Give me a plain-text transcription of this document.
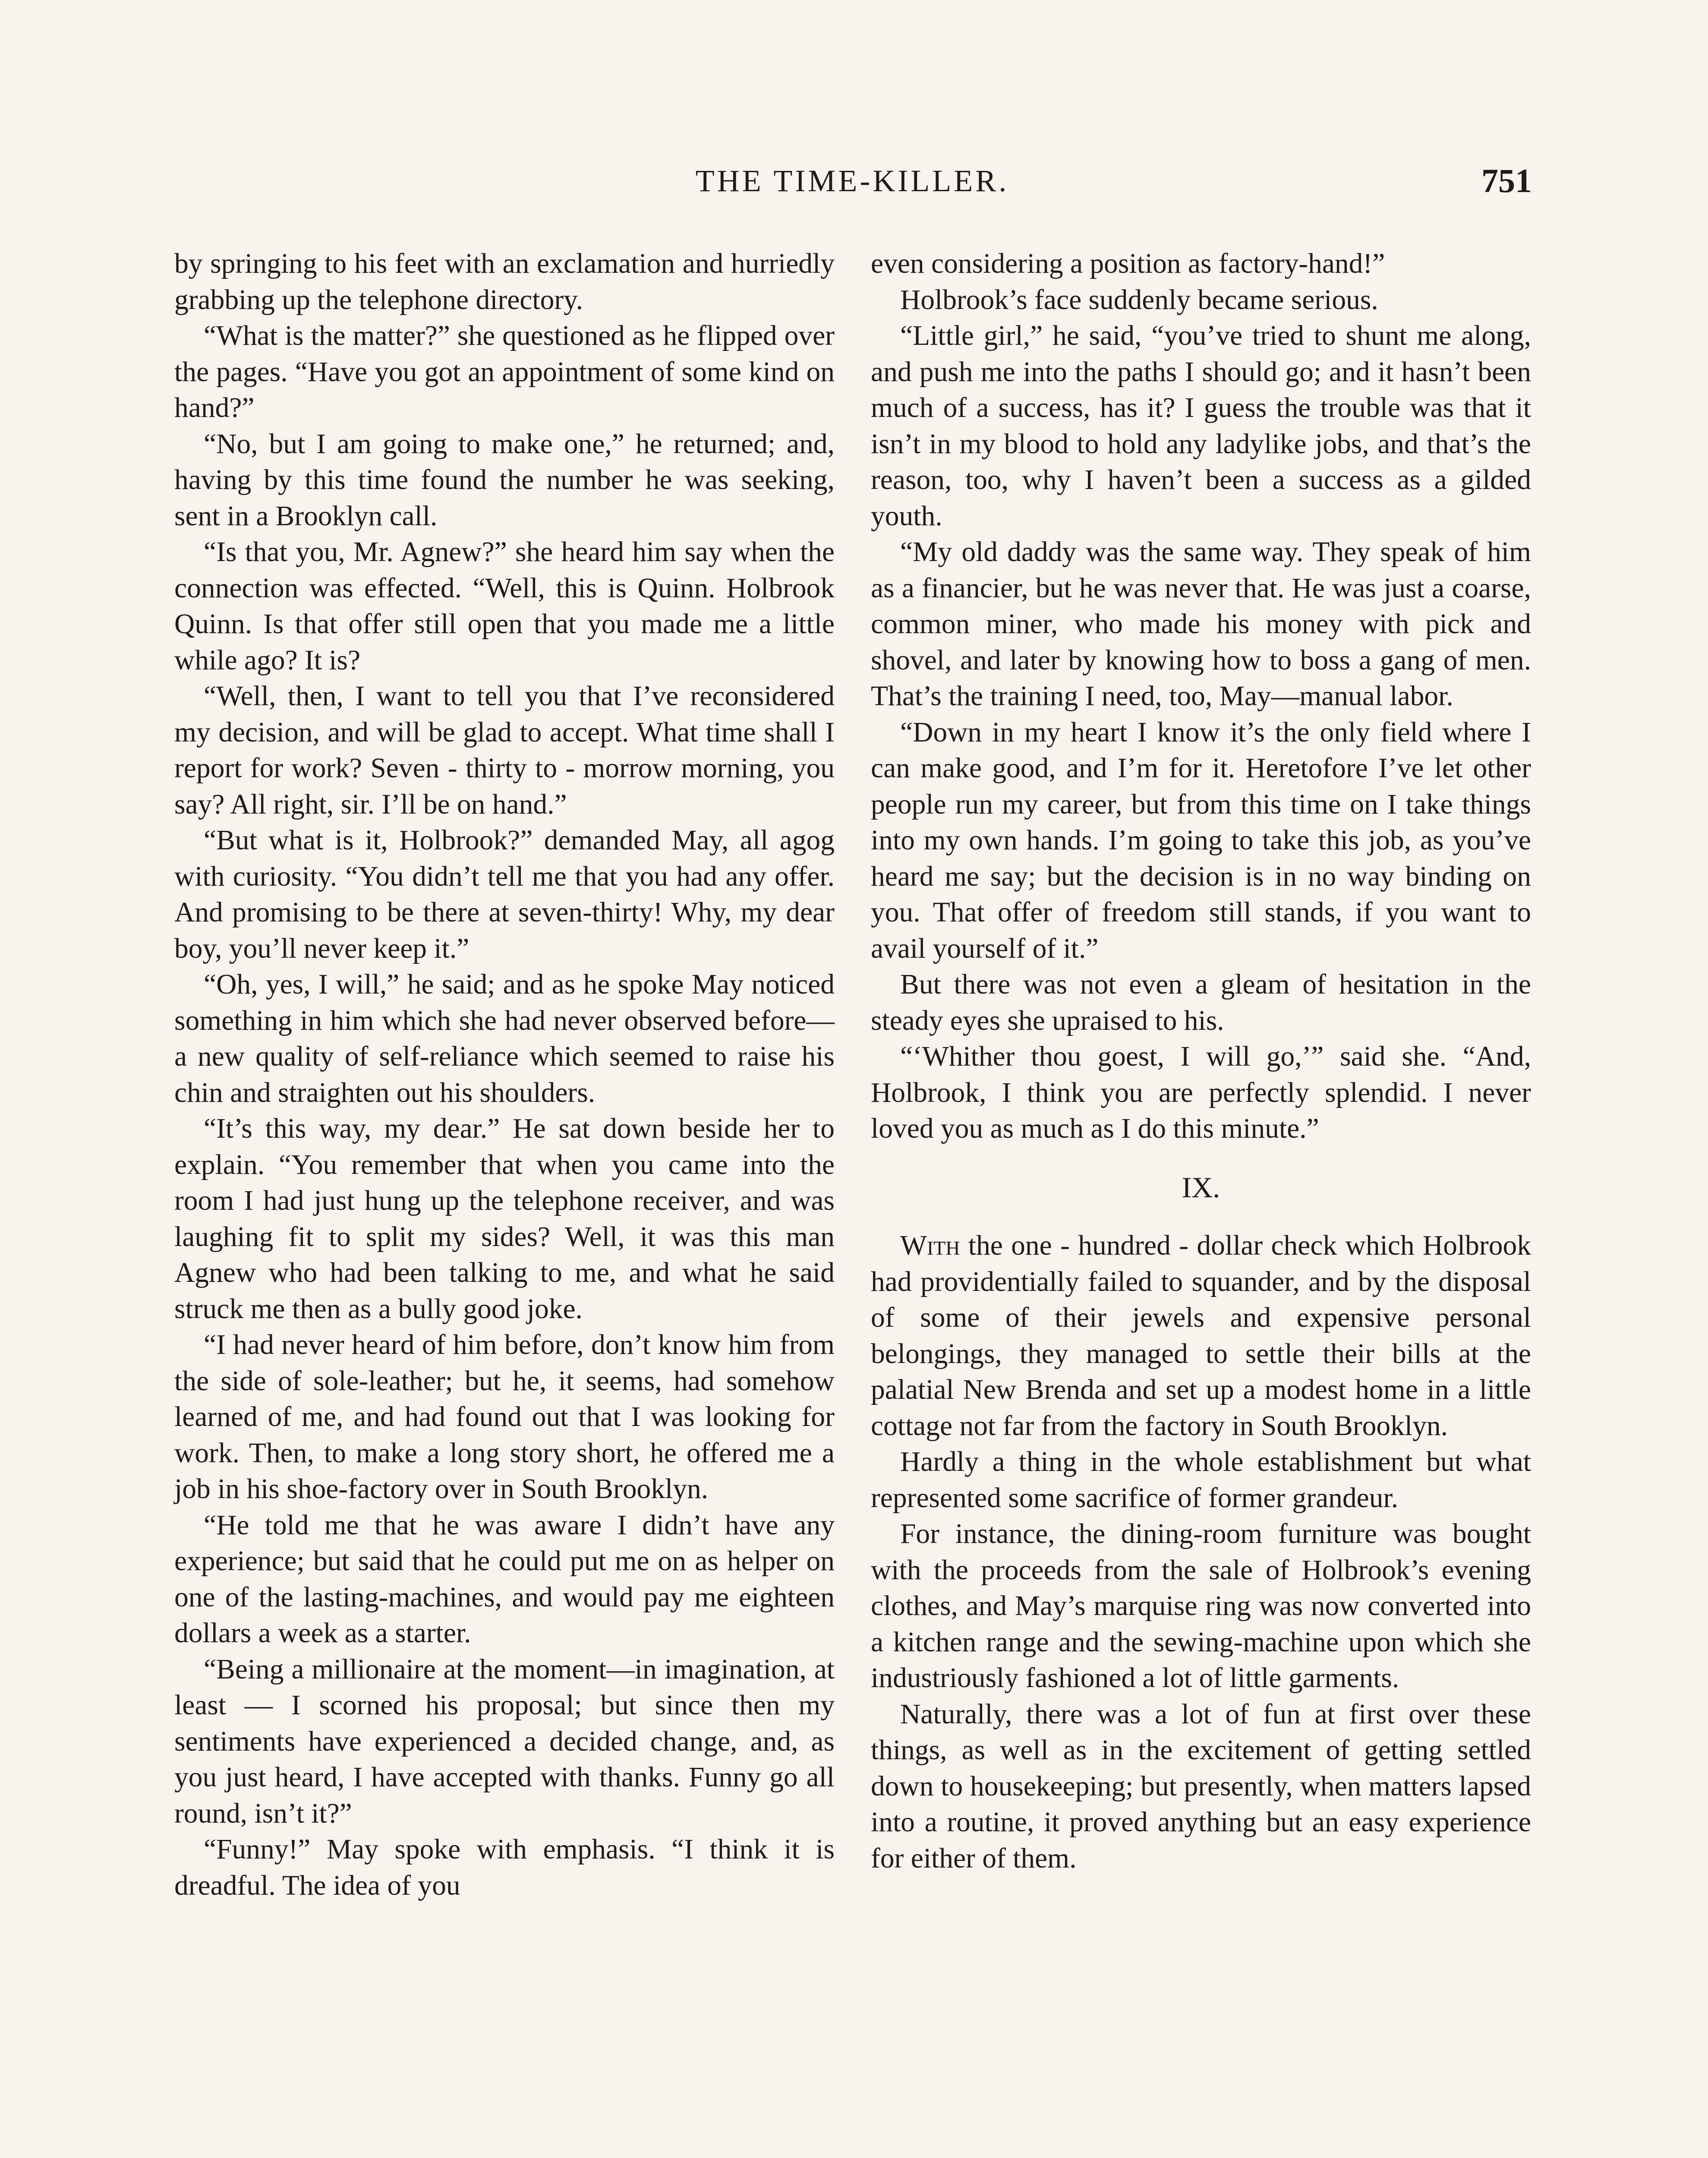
THE TIME-KILLER.	751

by springing to his feet with an exclamation and hurriedly grabbing up the telephone directory.

“What is the matter?” she questioned as he flipped over the pages. “Have you got an appointment of some kind on hand?”

“No, but I am going to make one,” he returned; and, having by this time found the number he was seeking, sent in a Brooklyn call.

“Is that you, Mr. Agnew?” she heard him say when the connection was effected. “Well, this is Quinn. Holbrook Quinn. Is that offer still open that you made me a little while ago? It is?

“Well, then, I want to tell you that I’ve reconsidered my decision, and will be glad to accept. What time shall I report for work? Seven - thirty to - morrow morning, you say? All right, sir. I’ll be on hand.”

“But what is it, Holbrook?” demanded May, all agog with curiosity. “You didn’t tell me that you had any offer. And promising to be there at seven-thirty! Why, my dear boy, you’ll never keep it.”

“Oh, yes, I will,” he said; and as he spoke May noticed something in him which she had never observed before—a new quality of self-reliance which seemed to raise his chin and straighten out his shoulders.

“It’s this way, my dear.” He sat down beside her to explain. “You remember that when you came into the room I had just hung up the telephone receiver, and was laughing fit to split my sides? Well, it was this man Agnew who had been talking to me, and what he said struck me then as a bully good joke.

“I had never heard of him before, don’t know him from the side of sole-leather; but he, it seems, had somehow learned of me, and had found out that I was looking for work. Then, to make a long story short, he offered me a job in his shoe-factory over in South Brooklyn.

“He told me that he was aware I didn’t have any experience; but said that he could put me on as helper on one of the lasting-machines, and would pay me eighteen dollars a week as a starter.

“Being a millionaire at the moment—in imagination, at least — I scorned his proposal; but since then my sentiments have experienced a decided change, and, as you just heard, I have accepted with thanks. Funny go all round, isn’t it?”

“Funny!” May spoke with emphasis. “I think it is dreadful. The idea of you

even considering a position as factory-hand!”

Holbrook’s face suddenly became serious.

“Little girl,” he said, “you’ve tried to shunt me along, and push me into the paths I should go; and it hasn’t been much of a success, has it? I guess the trouble was that it isn’t in my blood to hold any ladylike jobs, and that’s the reason, too, why I haven’t been a success as a gilded youth.

“My old daddy was the same way. They speak of him as a financier, but he was never that. He was just a coarse, common miner, who made his money with pick and shovel, and later by knowing how to boss a gang of men. That’s the training I need, too, May—manual labor.

“Down in my heart I know it’s the only field where I can make good, and I’m for it. Heretofore I’ve let other people run my career, but from this time on I take things into my own hands. I’m going to take this job, as you’ve heard me say; but the decision is in no way binding on you. That offer of freedom still stands, if you want to avail yourself of it.”

But there was not even a gleam of hesitation in the steady eyes she upraised to his.

“‘Whither thou goest, I will go,’” said she. “And, Holbrook, I think you are perfectly splendid. I never loved you as much as I do this minute.”

IX.

With the one - hundred - dollar check which Holbrook had providentially failed to squander, and by the disposal of some of their jewels and expensive personal belongings, they managed to settle their bills at the palatial New Brenda and set up a modest home in a little cottage not far from the factory in South Brooklyn.

Hardly a thing in the whole establishment but what represented some sacrifice of former grandeur.

For instance, the dining-room furniture was bought with the proceeds from the sale of Holbrook’s evening clothes, and May’s marquise ring was now converted into a kitchen range and the sewing-machine upon which she industriously fashioned a lot of little garments.

Naturally, there was a lot of fun at first over these things, as well as in the excitement of getting settled down to housekeeping; but presently, when matters lapsed into a routine, it proved anything but an easy experience for either of them.
